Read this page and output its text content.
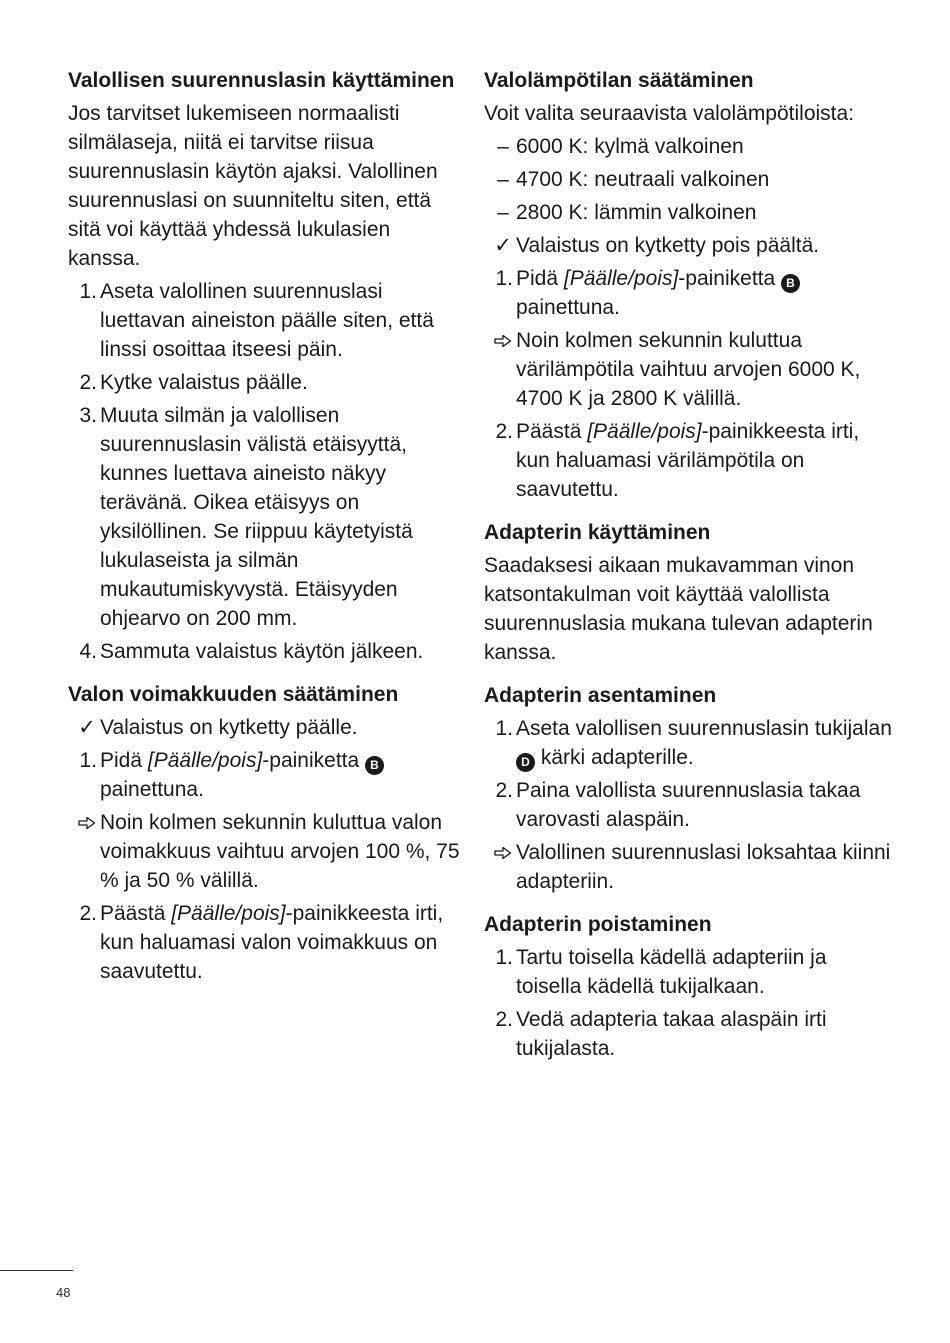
Valollisen suurennuslasin käyttäminen

Jos tarvitset lukemiseen normaalisti silmälaseja, niitä ei tarvitse riisua suurennuslasin käytön ajaksi. Valollinen suurennuslasi on suunniteltu siten, että sitä voi käyttää yhdessä lukulasien kanssa.

1. Aseta valollinen suurennuslasi luettavan aineiston päälle siten, että linssi osoittaa itseesi päin.
2. Kytke valaistus päälle.
3. Muuta silmän ja valollisen suurennuslasin välistä etäisyyttä, kunnes luettava aineisto näkyy terävänä. Oikea etäisyys on yksilöllinen. Se riippuu käytetyistä lukulaseista ja silmän mukautumiskyvystä. Etäisyyden ohjearvo on 200 mm.
4. Sammuta valaistus käytön jälkeen.
Valon voimakkuuden säätäminen
✓ Valaistus on kytketty päälle.
1. Pidä [Päälle/pois]-painiketta B painettuna.
Noin kolmen sekunnin kuluttua valon voimakkuus vaihtuu arvojen 100 %, 75 % ja 50 % välillä.
2. Päästä [Päälle/pois]-painikkeesta irti, kun haluamasi valon voimakkuus on saavutettu.
Valolämpötilan säätäminen

Voit valita seuraavista valolämpötiloista:

– 6000 K: kylmä valkoinen
– 4700 K: neutraali valkoinen
– 2800 K: lämmin valkoinen
✓ Valaistus on kytketty pois päältä.
1. Pidä [Päälle/pois]-painiketta B painettuna.
Noin kolmen sekunnin kuluttua värilämpötila vaihtuu arvojen 6000 K, 4700 K ja 2800 K välillä.
2. Päästä [Päälle/pois]-painikkeesta irti, kun haluamasi värilämpötila on saavutettu.
Adapterin käyttäminen

Saadaksesi aikaan mukavamman vinon katsontakulman voit käyttää valollista suurennuslasia mukana tulevan adapterin kanssa.

Adapterin asentaminen
1. Aseta valollisen suurennuslasin tukijalan D kärki adapterille.
2. Paina valollista suurennuslasia takaa varovasti alaspäin.
Valollinen suurennuslasi loksahtaa kiinni adapteriin.
Adapterin poistaminen
1. Tartu toisella kädellä adapteriin ja toisella kädellä tukijalkaan.
2. Vedä adapteria takaa alaspäin irti tukijalasta.
48
